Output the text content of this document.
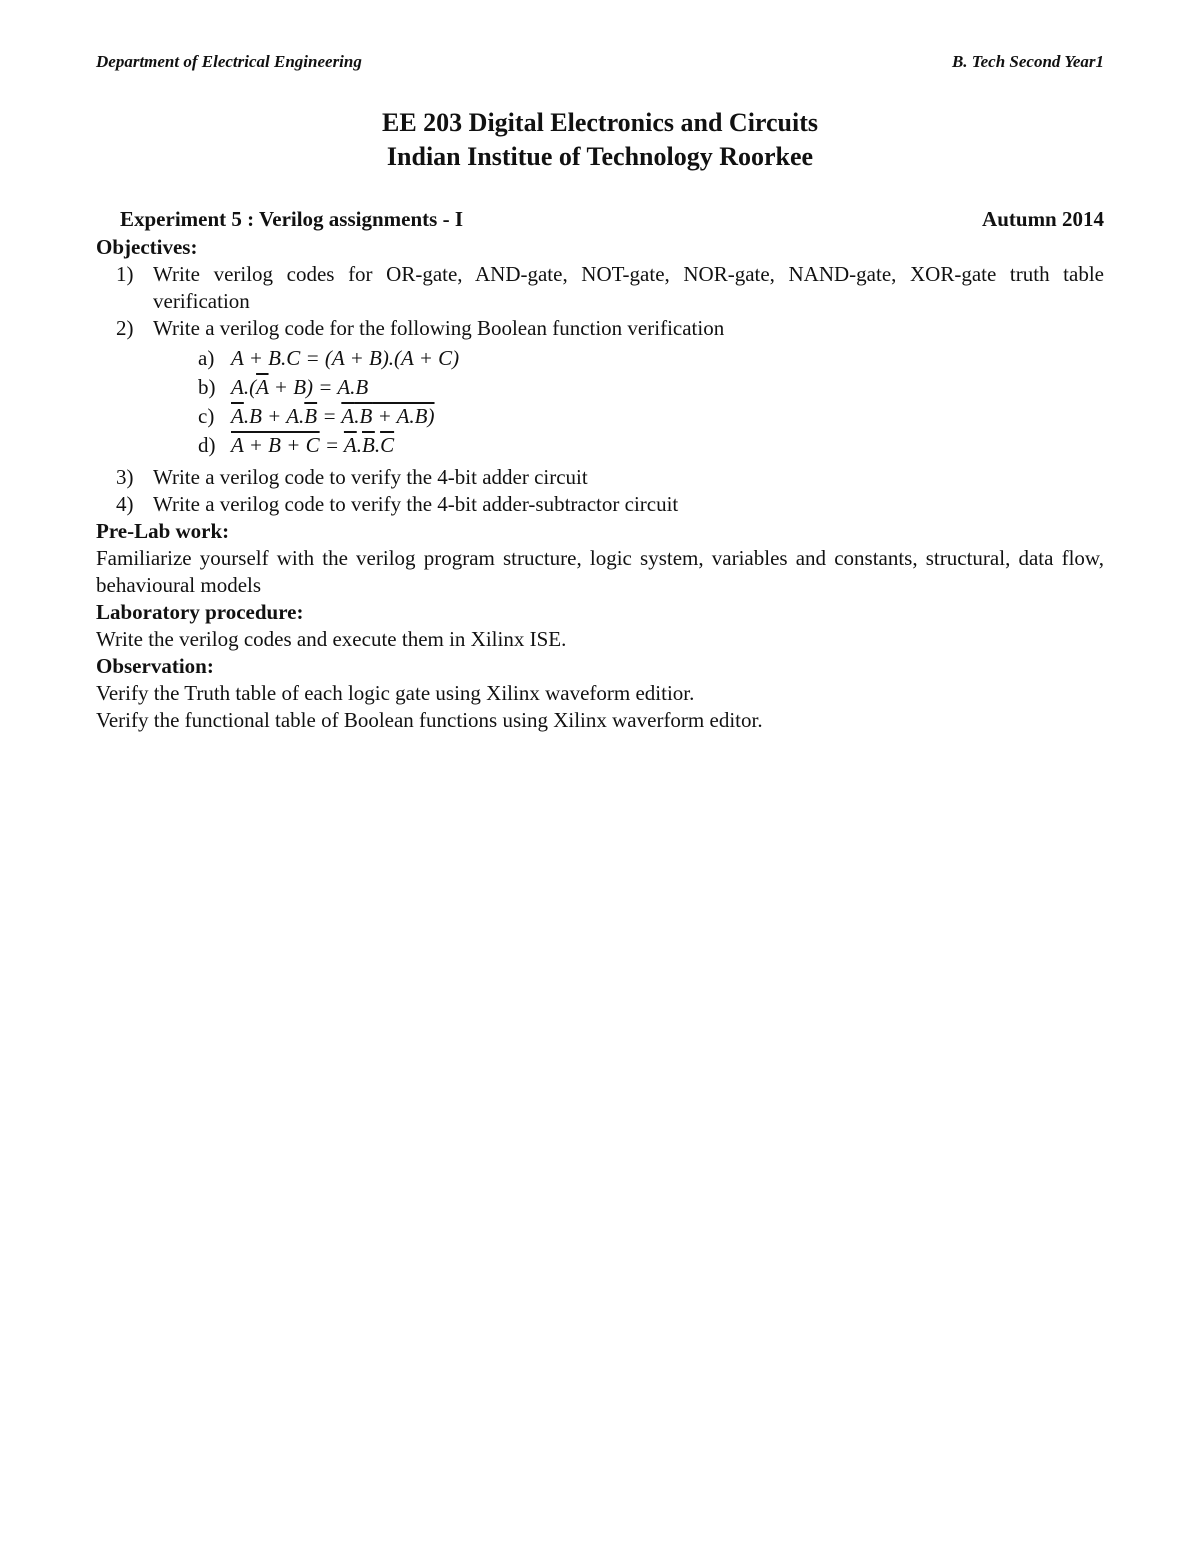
Department of Electrical Engineering	B. Tech Second Year1
EE 203 Digital Electronics and Circuits
Indian Institue of Technology Roorkee
Experiment 5 : Verilog assignments - I	Autumn 2014
Objectives:
1) Write verilog codes for OR-gate, AND-gate, NOT-gate, NOR-gate, NAND-gate, XOR-gate truth table verification
2) Write a verilog code for the following Boolean function verification
a) A + B.C = (A + B).(A + C)
b) $A.(\overline{A} + B) = A.B$
c) $\overline{A}.B + A.\overline{B} = A.B + A.B$)
d) $A + B + C = \overline{A}.\overline{B}.\overline{C}$
3) Write a verilog code to verify the 4-bit adder circuit
4) Write a verilog code to verify the 4-bit adder-subtractor circuit
Pre-Lab work:
Familiarize yourself with the verilog program structure, logic system, variables and constants, structural, data flow, behavioural models
Laboratory procedure:
Write the verilog codes and execute them in Xilinx ISE.
Observation:
Verify the Truth table of each logic gate using Xilinx waveform editior.
Verify the functional table of Boolean functions using Xilinx waverform editor.
